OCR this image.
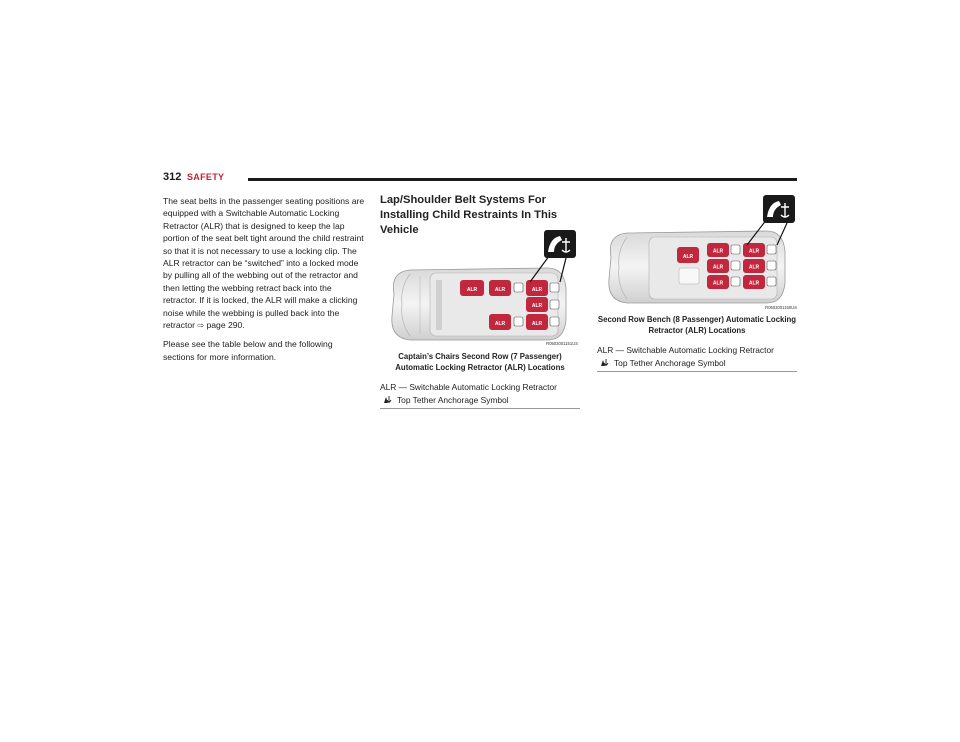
312 SAFETY

The seat belts in the passenger seating positions are equipped with a Switchable Automatic Locking Retractor (ALR) that is designed to keep the lap portion of the seat belt tight around the child restraint so that it is not necessary to use a locking clip. The ALR retractor can be “switched” into a locked mode by pulling all of the webbing out of the retractor and then letting the webbing retract back into the retractor. If it is locked, the ALR will make a clicking noise while the webbing is pulled back into the retractor ⇨ page 290.

Please see the table below and the following sections for more information.

Lap/Shoulder Belt Systems For Installing Child Restraints In This Vehicle
ALR	ALR
ALR
ALR
ALR
ALR
R0503001151US
Captain’s Chairs Second Row (7 Passenger) Automatic Locking Retractor (ALR) Locations
ALR — Switchable Automatic Locking Retractor
Top Tether Anchorage Symbol
ALR
ALR
ALR
ALR
ALR
ALR
ALR
R0503001150US
Second Row Bench (8 Passenger) Automatic Locking Retractor (ALR) Locations
ALR — Switchable Automatic Locking Retractor
Top Tether Anchorage Symbol
